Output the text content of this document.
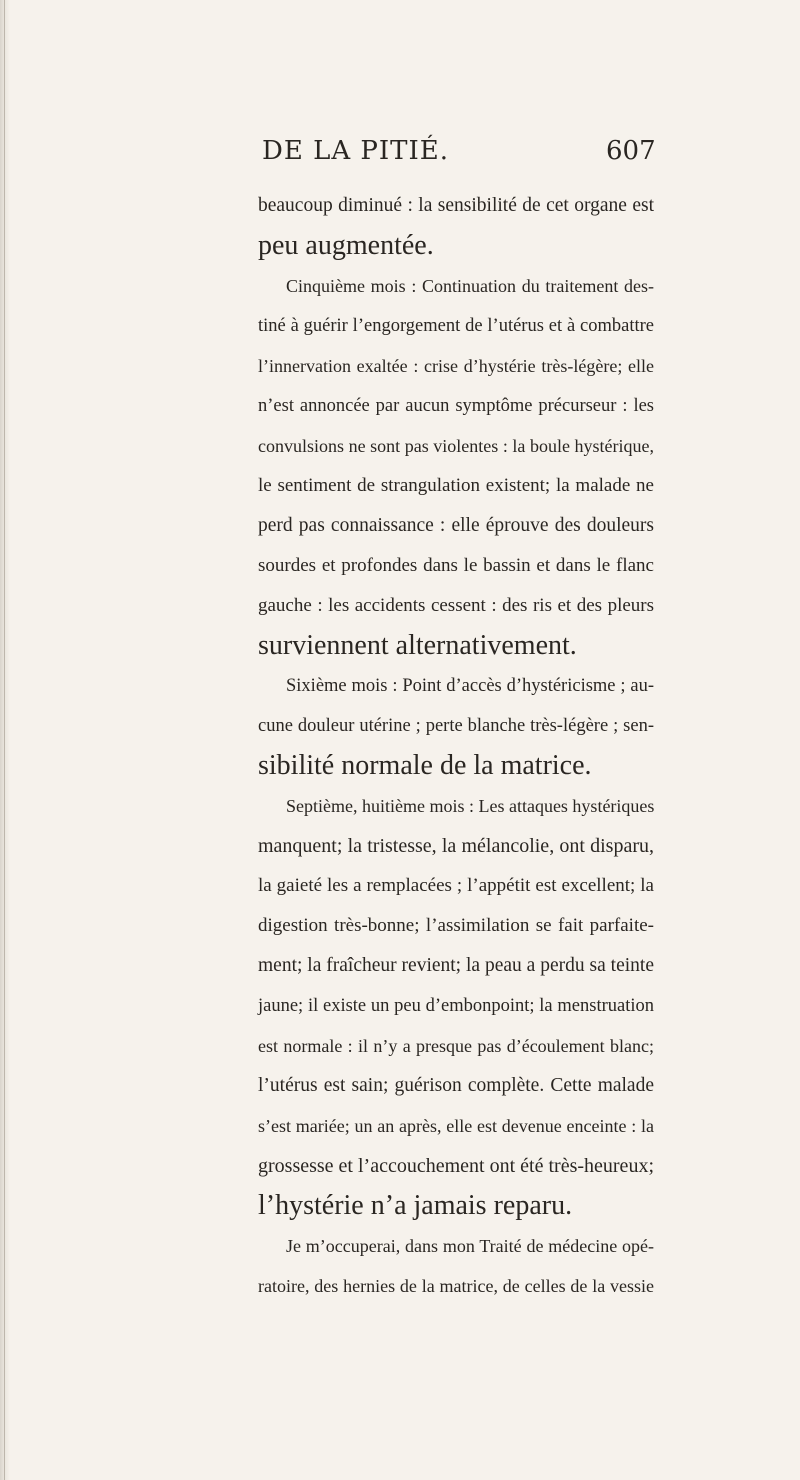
DE LA PITIÉ.	607
beaucoup diminué : la sensibilité de cet organe est
peu augmentée.
Cinquième mois : Continuation du traitement des-
tiné à guérir l’engorgement de l’utérus et à combattre
l’innervation exaltée : crise d’hystérie très-légère; elle
n’est annoncée par aucun symptôme précurseur : les
convulsions ne sont pas violentes : la boule hystérique,
le sentiment de strangulation existent; la malade ne
perd pas connaissance : elle éprouve des douleurs
sourdes et profondes dans le bassin et dans le flanc
gauche : les accidents cessent : des ris et des pleurs
surviennent alternativement.
Sixième mois : Point d’accès d’hystéricisme ; au-
cune douleur utérine ; perte blanche très-légère ; sen-
sibilité normale de la matrice.
Septième, huitième mois : Les attaques hystériques
manquent; la tristesse, la mélancolie, ont disparu,
la gaieté les a remplacées ; l’appétit est excellent; la
digestion très-bonne; l’assimilation se fait parfaite-
ment; la fraîcheur revient; la peau a perdu sa teinte
jaune; il existe un peu d’embonpoint; la menstruation
est normale : il n’y a presque pas d’écoulement blanc;
l’utérus est sain; guérison complète. Cette malade
s’est mariée; un an après, elle est devenue enceinte : la
grossesse et l’accouchement ont été très-heureux;
l’hystérie n’a jamais reparu.
Je m’occuperai, dans mon Traité de médecine opé-
ratoire, des hernies de la matrice, de celles de la vessie
